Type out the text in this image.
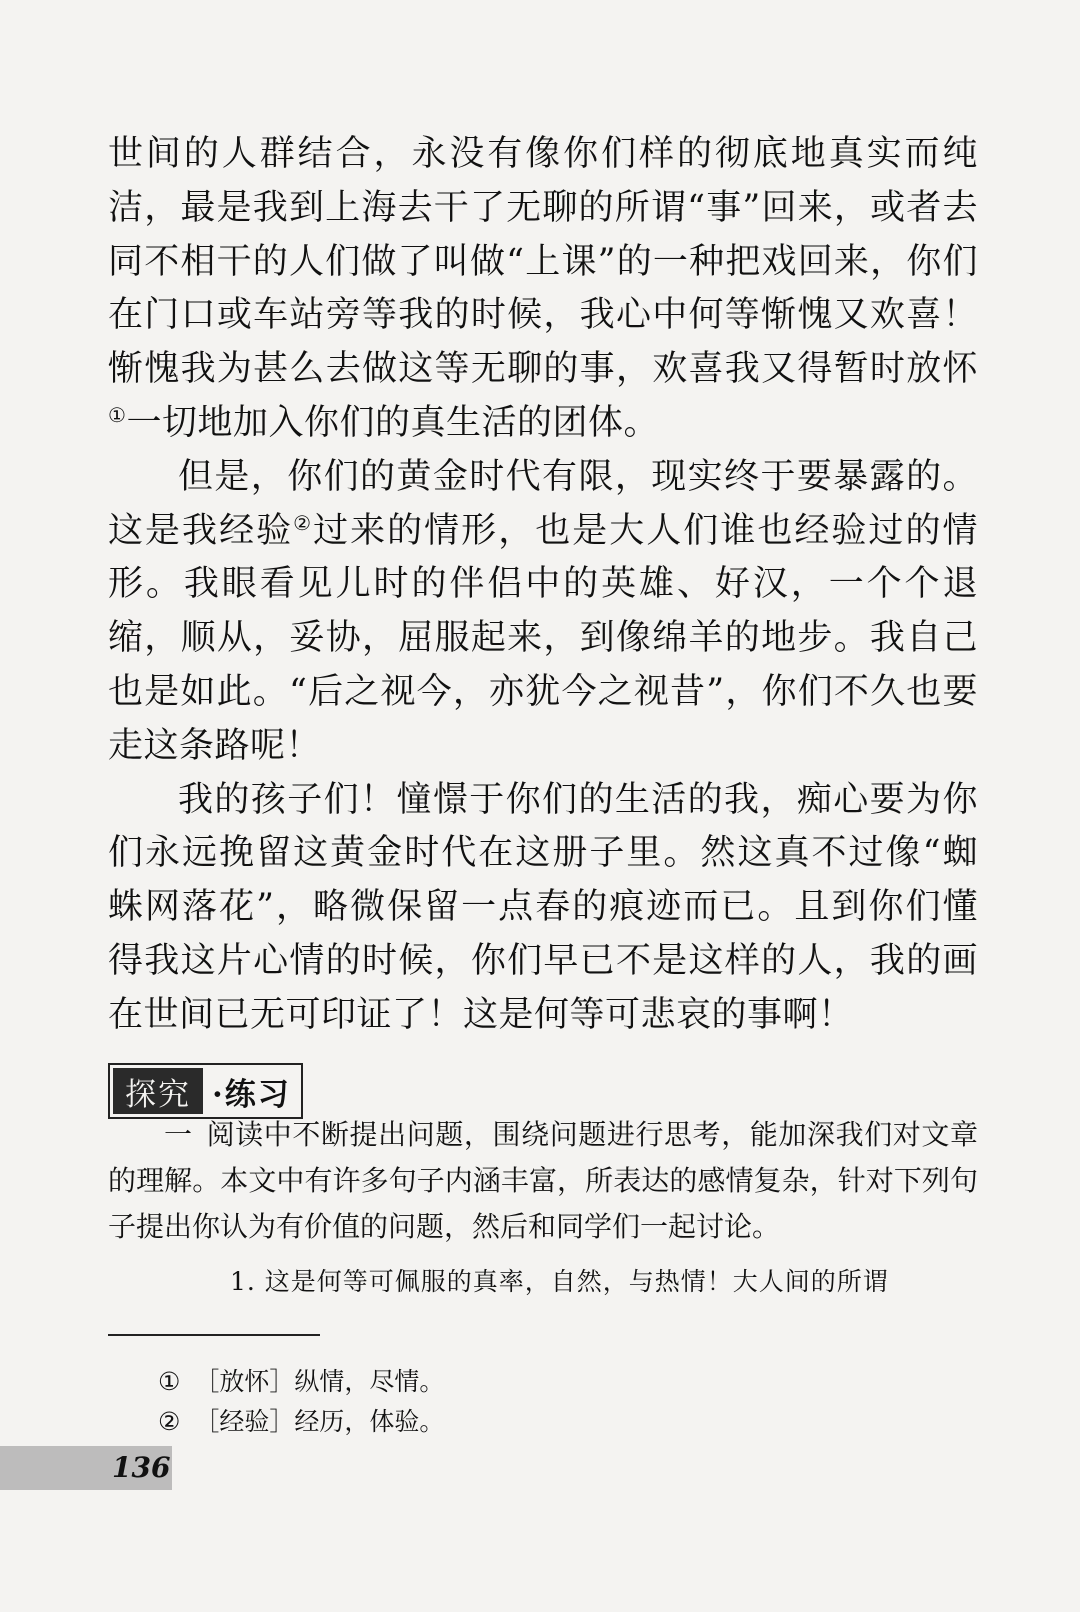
世间的人群结合，永没有像你们样的彻底地真实而纯洁，最是我到上海去干了无聊的所谓“事”回来，或者去同不相干的人们做了叫做“上课”的一种把戏回来，你们在门口或车站旁等我的时候，我心中何等惭愧又欢喜！惭愧我为甚么去做这等无聊的事，欢喜我又得暂时放怀①一切地加入你们的真生活的团体。

但是，你们的黄金时代有限，现实终于要暴露的。这是我经验②过来的情形，也是大人们谁也经验过的情形。我眼看见儿时的伴侣中的英雄、好汉，一个个退缩，顺从，妥协，屈服起来，到像绵羊的地步。我自己也是如此。“后之视今，亦犹今之视昔”，你们不久也要走这条路呢！

我的孩子们！憧憬于你们的生活的我，痴心要为你们永远挽留这黄金时代在这册子里。然这真不过像“蜘蛛网落花”，略微保留一点春的痕迹而已。且到你们懂得我这片心情的时候，你们早已不是这样的人，我的画在世间已无可印证了！这是何等可悲哀的事啊！

探究 ·练习

一 阅读中不断提出问题，围绕问题进行思考，能加深我们对文章的理解。本文中有许多句子内涵丰富，所表达的感情复杂，针对下列句子提出你认为有价值的问题，然后和同学们一起讨论。

1. 这是何等可佩服的真率，自然，与热情！大人间的所谓
① ［放怀］纵情，尽情。
② ［经验］经历，体验。
136
